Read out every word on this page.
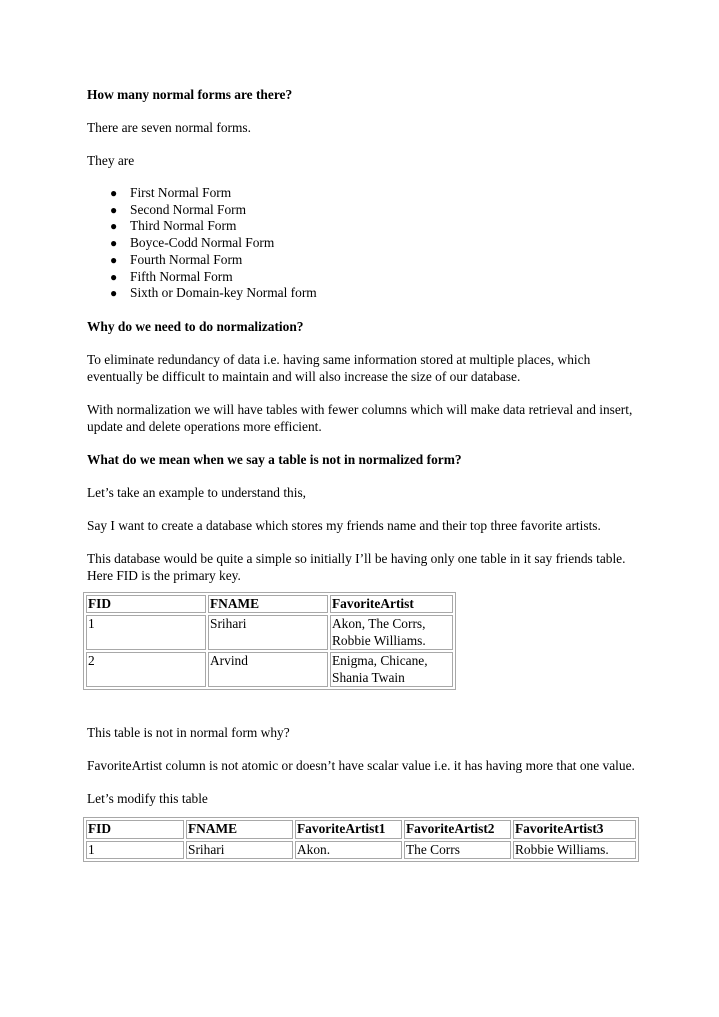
How many normal forms are there?

There are seven normal forms.

They are

● First Normal Form
● Second Normal Form
● Third Normal Form
● Boyce-Codd Normal Form
● Fourth Normal Form
● Fifth Normal Form
● Sixth or Domain-key Normal form

Why do we need to do normalization?

To eliminate redundancy of data i.e. having same information stored at multiple places, which eventually be difficult to maintain and will also increase the size of our database.

With normalization we will have tables with fewer columns which will make data retrieval and insert, update and delete operations more efficient.

What do we mean when we say a table is not in normalized form?

Let’s take an example to understand this,

Say I want to create a database which stores my friends name and their top three favorite artists.

This database would be quite a simple so initially I’ll be having only one table in it say friends table. Here FID is the primary key.

FID	FNAME	FavoriteArtist
1	Srihari	Akon, The Corrs, Robbie Williams.
2	Arvind	Enigma, Chicane, Shania Twain

This table is not in normal form why?

FavoriteArtist column is not atomic or doesn’t have scalar value i.e. it has having more that one value.

Let’s modify this table

FID	FNAME	FavoriteArtist1	FavoriteArtist2	FavoriteArtist3
1	Srihari	Akon.	The Corrs	Robbie Williams.
